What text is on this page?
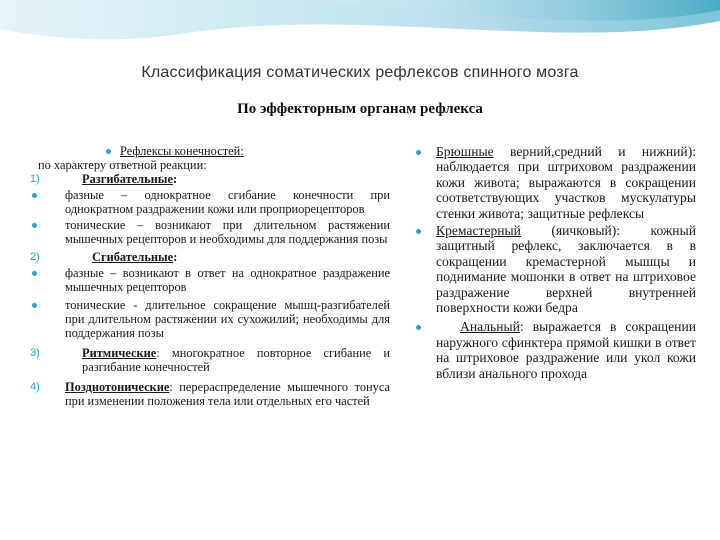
Классификация соматических рефлексов спинного мозга
По эффекторным органам рефлекса
Рефлексы конечностей:
по характеру ответной реакции:
1)	Разгибательные:
фазные – однократное сгибание конечности при однократном раздражении кожи или проприорецепторов
тонические – возникают при длительном растяжении мышечных рецепторов и необходимы для поддержания позы
2)	Сгибательные:
фазные – возникают в ответ на однократное раздражение мышечных рецепторов
тонические - длительное сокращение мышц-разгибателей при длительном растяжении их сухожилий; необходимы для поддержания позы
3)	Ритмические: многократное повторное сгибание и разгибание конечностей
4) Позднотонические: перераспределение мышечного тонуса при изменении положения тела или отдельных его частей
Брюшные верний,средний и нижний): наблюдается при штриховом раздражении кожи живота; выражаются в сокращении соответствующих участков мускулатуры стенки живота; защитные рефлексы
Кремастерный (яичковый): кожный защитный рефлекс, заключается в в сокращении кремастерной мышцы и поднимание мошонки в ответ на штриховое раздражение верхней внутренней поверхности кожи бедра
Анальный: выражается в сокращении наружного сфинктера прямой кишки в ответ на штриховое раздражение или укол кожи вблизи анального прохода
